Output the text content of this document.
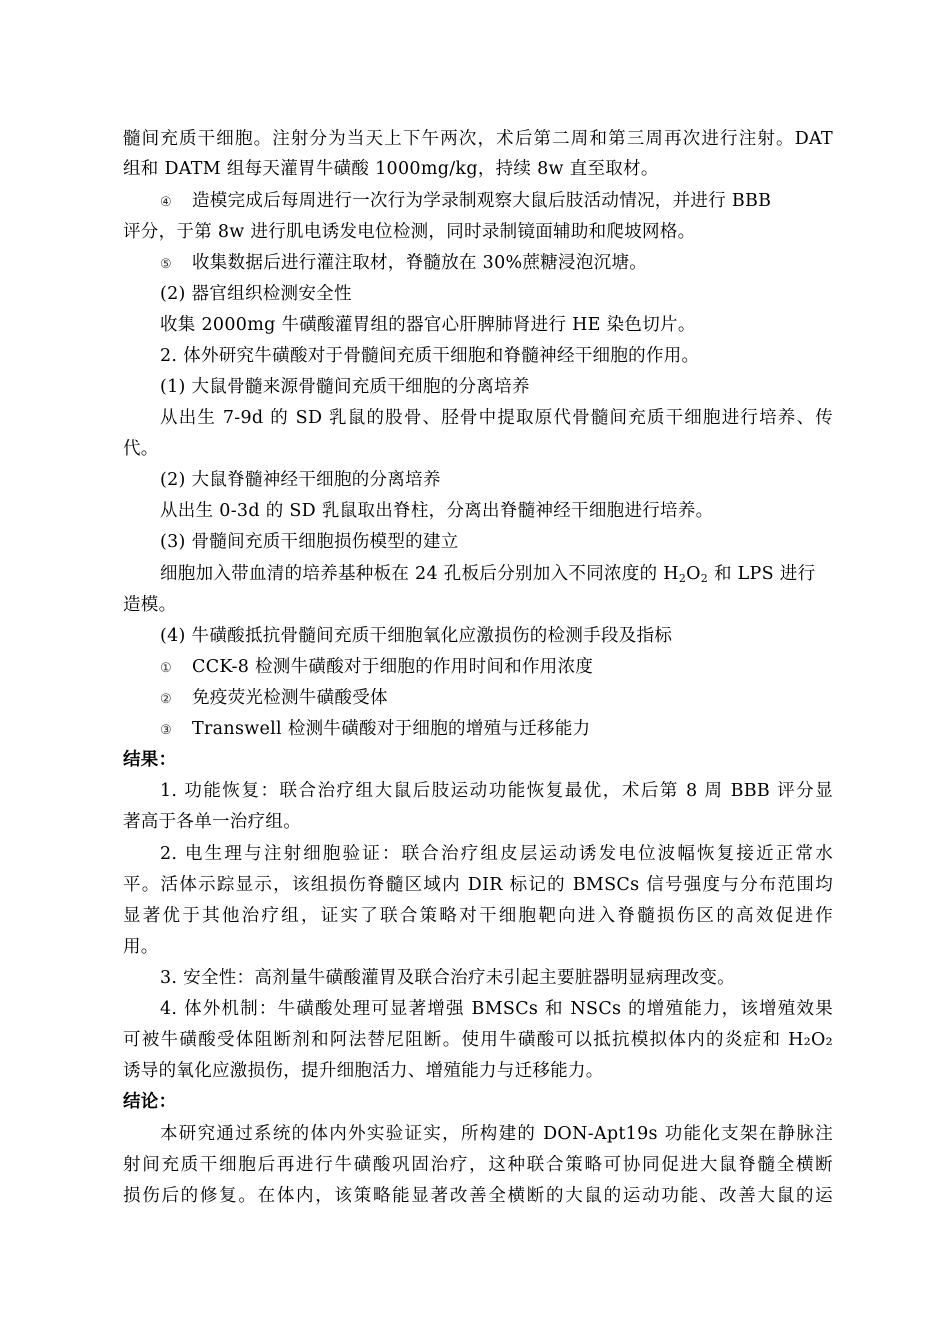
髓间充质干细胞。注射分为当天上下午两次，术后第二周和第三周再次进行注射。DAT
组和 DATM 组每天灌胃牛磺酸 1000mg/kg，持续 8w 直至取材。
④ 造模完成后每周进行一次行为学录制观察大鼠后肢活动情况，并进行 BBB
评分，于第 8w 进行肌电诱发电位检测，同时录制镜面辅助和爬坡网格。
⑤ 收集数据后进行灌注取材，脊髓放在 30%蔗糖浸泡沉塘。
(2) 器官组织检测安全性
收集 2000mg 牛磺酸灌胃组的器官心肝脾肺肾进行 HE 染色切片。
2. 体外研究牛磺酸对于骨髓间充质干细胞和脊髓神经干细胞的作用。
(1) 大鼠骨髓来源骨髓间充质干细胞的分离培养
从出生 7-9d 的 SD 乳鼠的股骨、胫骨中提取原代骨髓间充质干细胞进行培养、传
代。
(2) 大鼠脊髓神经干细胞的分离培养
从出生 0-3d 的 SD 乳鼠取出脊柱，分离出脊髓神经干细胞进行培养。
(3) 骨髓间充质干细胞损伤模型的建立
细胞加入带血清的培养基种板在 24 孔板后分别加入不同浓度的 $H_2O_2$ 和 LPS 进行
造模。
(4) 牛磺酸抵抗骨髓间充质干细胞氧化应激损伤的检测手段及指标
① CCK-8 检测牛磺酸对于细胞的作用时间和作用浓度
② 免疫荧光检测牛磺酸受体
③ Transwell 检测牛磺酸对于细胞的增殖与迁移能力
结果：
1. 功能恢复：联合治疗组大鼠后肢运动功能恢复最优，术后第 8 周 BBB 评分显
著高于各单一治疗组。
2. 电生理与注射细胞验证：联合治疗组皮层运动诱发电位波幅恢复接近正常水
平。活体示踪显示，该组损伤脊髓区域内 DIR 标记的 BMSCs 信号强度与分布范围均
显著优于其他治疗组，证实了联合策略对干细胞靶向进入脊髓损伤区的高效促进作
用。
3. 安全性：高剂量牛磺酸灌胃及联合治疗未引起主要脏器明显病理改变。
4. 体外机制：牛磺酸处理可显著增强 BMSCs 和 NSCs 的增殖能力，该增殖效果
可被牛磺酸受体阻断剂和阿法替尼阻断。使用牛磺酸可以抵抗模拟体内的炎症和 H₂O₂
诱导的氧化应激损伤，提升细胞活力、增殖能力与迁移能力。
结论：
本研究通过系统的体内外实验证实，所构建的 DON-Apt19s 功能化支架在静脉注
射间充质干细胞后再进行牛磺酸巩固治疗，这种联合策略可协同促进大鼠脊髓全横断
损伤后的修复。在体内，该策略能显著改善全横断的大鼠的运动功能、改善大鼠的运
